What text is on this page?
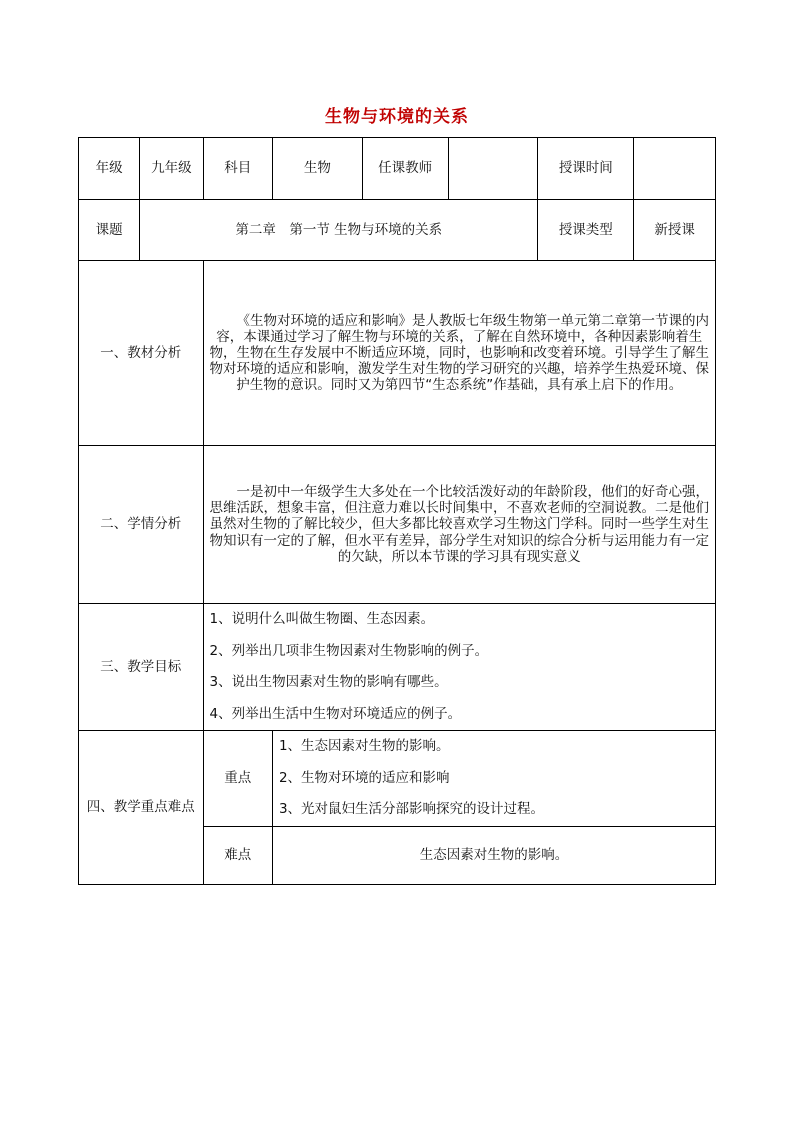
生物与环境的关系
年级	九年级	科目	生物	任课教师		授课时间	
课题	第二章　第一节 生物与环境的关系					授课类型	新授课
一、教材分析		《生物对环境的适应和影响》是人教版七年级生物第一单元第二章第一节课的内容，本课通过学习了解生物与环境的关系，了解在自然环境中，各种因素影响着生物，生物在生存发展中不断适应环境，同时，也影响和改变着环境。引导学生了解生物对环境的适应和影响，激发学生对生物的学习研究的兴趣，培养学生热爱环境、保护生物的意识。同时又为第四节“生态系统”作基础，具有承上启下的作用。					
二、学情分析		一是初中一年级学生大多处在一个比较活泼好动的年龄阶段，他们的好奇心强，思维活跃，想象丰富，但注意力难以长时间集中，不喜欢老师的空洞说教。二是他们虽然对生物的了解比较少，但大多都比较喜欢学习生物这门学科。同时一些学生对生物知识有一定的了解，但水平有差异，部分学生对知识的综合分析与运用能力有一定的欠缺，所以本节课的学习具有现实意义					
三、教学目标		1、说明什么叫做生物圈、生态因素。
2、列举出几项非生物因素对生物影响的例子。
3、说出生物因素对生物的影响有哪些。
4、列举出生活中生物对环境适应的例子。					

四、教学重点难点		重点	1、生态因素对生物的影响。
2、生物对环境的适应和影响
3、光对鼠妇生活分部影响探究的设计过程。				

		难点	生态因素对生物的影响。				
